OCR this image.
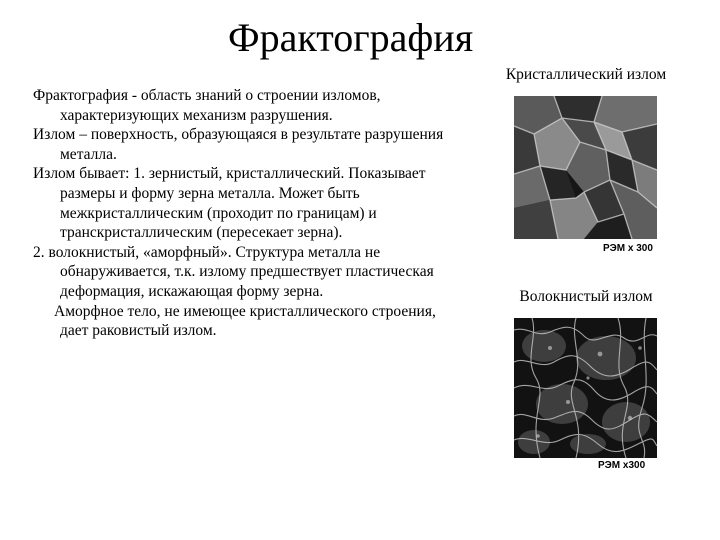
Фрактография

Фрактография - область знаний о строении изломов, характеризующих механизм разрушения.

Излом – поверхность, образующаяся в результате разрушения металла.

Излом бывает: 1. зернистый, кристаллический. Показывает размеры и форму зерна металла. Может быть межкристаллическим (проходит по границам) и транскристаллическим (пересекает зерна).

2. волокнистый, «аморфный». Структура металла не обнаруживается, т.к. излому предшествует пластическая деформация, искажающая форму зерна.

Аморфное тело, не имеющее кристаллического строения, дает раковистый излом.

Кристаллический излом
РЭМ х 300
Волокнистый излом
РЭМ х300
